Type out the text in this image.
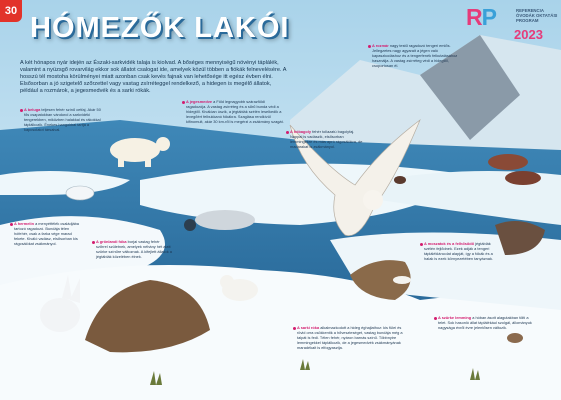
30
HÓMEZŐK LAKÓI
A két hónapos nyár idején az Északi-sarkvidék talaja is kiolvad. A bőséges mennyiségű növényi táplálék, valamint a nyüzsgő rovarvilág ekkor sok állatot csalogat ide, amelyek közül többen a fiókák felnevelésére. A hosszú tél mostoha körülményei miatt azonban csak kevés fajnak van lehetősége itt egész évben élni. Elsősorban a jó szigetelő szőrzettel vagy vastag zsírréteggel rendelkező, a hidegen is megélő állatok, például a rozmárok, a jegesmedvék és a sarki rókák.
RP	REFERENCIA ÓVODÁK OKTATÁSI PROGRAM
2023
A beluga teljesen fehér színű cetfaj. Akár 50 fős csapatokban vándorol a sarkvidéki tengerekben, miközben halakkal és rákokkal táplálkozik. Énekes hangokkal tartja a kapcsolatot társaival.
A jegesmedve a Föld legnagyobb szárazföldi ragadozója. A vastag zsírréteg és a sűrű bunda védi a hidegtől. Kiválóan úszik, a jégtáblák szélén leselkedik a levegőért felbukkanó fókákra. Szaglása rendkívül kifinomult, akár 30 km-ről is megérzi a zsákmány szagát.
A hóbagoly fehér tollazatú bagolyfaj. Nappal is vadászik, elsősorban lemmingekre és más apró rágcsálókra, de madarakat is zsákmányol.
A rozmár nagy testű ragadozó tengeri emlős. Jellegzetes nagy agyarait a jégen való kapaszkodáshoz és a tengerfenék felkutatásához használja. A vastag zsírréteg védi a hidegtől, csoportosan él.
A hermelin a menyétfélék családjába tartozó ragadozó. Bundája télen hófehér, csak a farka vége marad fekete. Kiváló vadász, elsősorban kis rágcsálókat zsákmányol.	A grönlandi fóka borjai vastag fehér szőrrel születnek, amelyek néhány hét alatt szürke színűre változnak. A kifejlett állatok a jégtáblák közelében élnek.
A sarki róka alkalmazkodott a hideg éghajlathoz: kis fülei és rövid orra csökkentik a hőveszteséget, vastag bundája még a talpát is fedi. Télen fehér, nyáron barnás színű. Többnyire lemmingekkel táplálkozik, de a jegesmedvék zsákmányának maradékait is elfogyasztja.
A moszatok és a felhősődő jégtáblák szélén fejlődnek. Ezek adják a tengeri táplálékláncolat alapját, így a fókák és a halak is ezek környezetében tanyáznak.
A szürke lemming a hóban ásott alagutakban tölti a telet. Sok hasonló állat táplálékául szolgál, állományuk nagysága évről évre jelentősen változik.
